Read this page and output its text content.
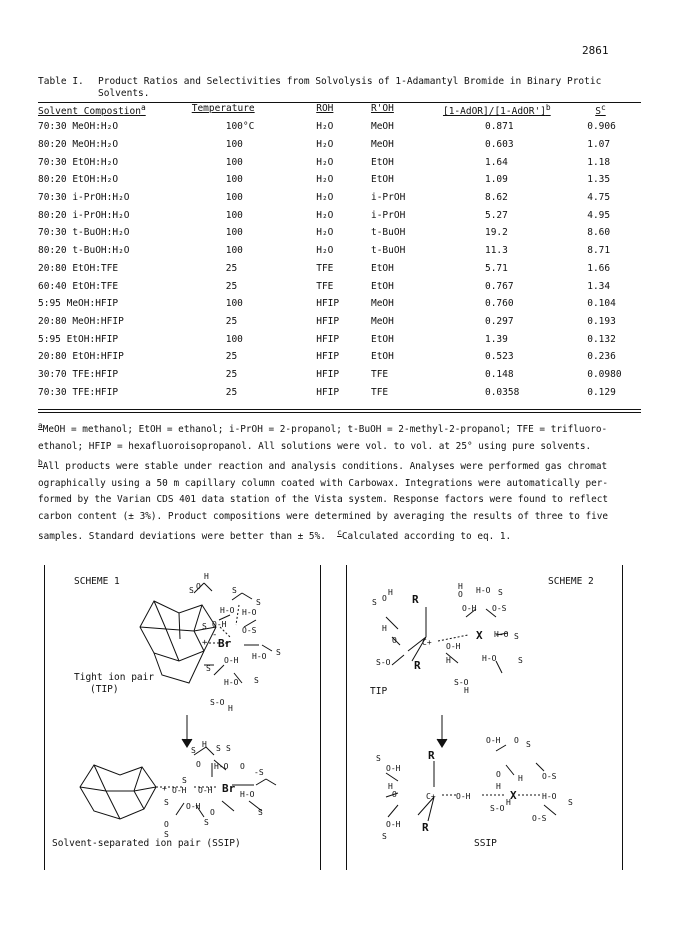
2861
Table I. Product Ratios and Selectivities from Solvolysis of 1-Adamantyl Bromide in Binary Protic
Solvents.
Solvent Compostion$^a$	Temperature	ROH	R'OH	[1-AdOR]/[1-AdOR']$^b$	$S^c$
70:30 MeOH:H₂O	100°C	H₂O	MeOH	0.871	0.906
80:20 MeOH:H₂O	100	H₂O	MeOH	0.603	1.07
70:30 EtOH:H₂O	100	H₂O	EtOH	1.64	1.18
80:20 EtOH:H₂O	100	H₂O	EtOH	1.09	1.35
70:30 i-PrOH:H₂O	100	H₂O	i-PrOH	8.62	4.75
80:20 i-PrOH:H₂O	100	H₂O	i-PrOH	5.27	4.95
70:30 t-BuOH:H₂O	100	H₂O	t-BuOH	19.2	8.60
80:20 t-BuOH:H₂O	100	H₂O	t-BuOH	11.3	8.71
20:80 EtOH:TFE	25	TFE	EtOH	5.71	1.66
60:40 EtOH:TFE	25	TFE	EtOH	0.767	1.34
5:95 MeOH:HFIP	100	HFIP	MeOH	0.760	0.104
20:80 MeOH:HFIP	25	HFIP	MeOH	0.297	0.193
5:95 EtOH:HFIP	100	HFIP	EtOH	1.39	0.132
20:80 EtOH:HFIP	25	HFIP	EtOH	0.523	0.236
30:70 TFE:HFIP	25	HFIP	TFE	0.148	0.0980
70:30 TFE:HFIP	25	HFIP	TFE	0.0358	0.129

$^a$MeOH = methanol; EtOH = ethanol; i-PrOH = 2-propanol; t-BuOH = 2-methyl-2-propanol; TFE = trifluoro-

ethanol; HFIP = hexafluoroisopropanol. All solutions were vol. to vol. at 25° using pure solvents.

$^b$All products were stable under reaction and analysis conditions. Analyses were performed gas chromat

ographically using a 50 m capillary column coated with Carbowax. Integrations were automatically per-

formed by the Varian CDS 401 data station of the Vista system. Response factors were found to reflect

carbon content (± 3%). Product compositions were determined by averaging the results of three to five

samples. Standard deviations were better than ± 5%. $^c$Calculated according to eq. 1.

SCHEME 1	SCHEME 2
Tight ion pair
(TIP)
Solvent-separated ion pair (SSIP)
TIP
SSIP
S O
H
S
H-O H-O
S
S O-H
O-S
O-H H-O S
S
H-O S
S-O
H
S
H S S
O H-O O
-S
+ O-H O-H
S
S O-H
O
S
H-O
S
O
S
Br
Br
+
-
S O
H
H
O H-O S
O-H O-S
H
O
O-H
H-O S
S-O	H	H-O	S
S-O
H
O-H O S
S
O-H
H
O	O-H
H
O H O-S
H-O
S
S-O
H
O-H
S
O-S
R
R
X
R
R
X
C+
C+
